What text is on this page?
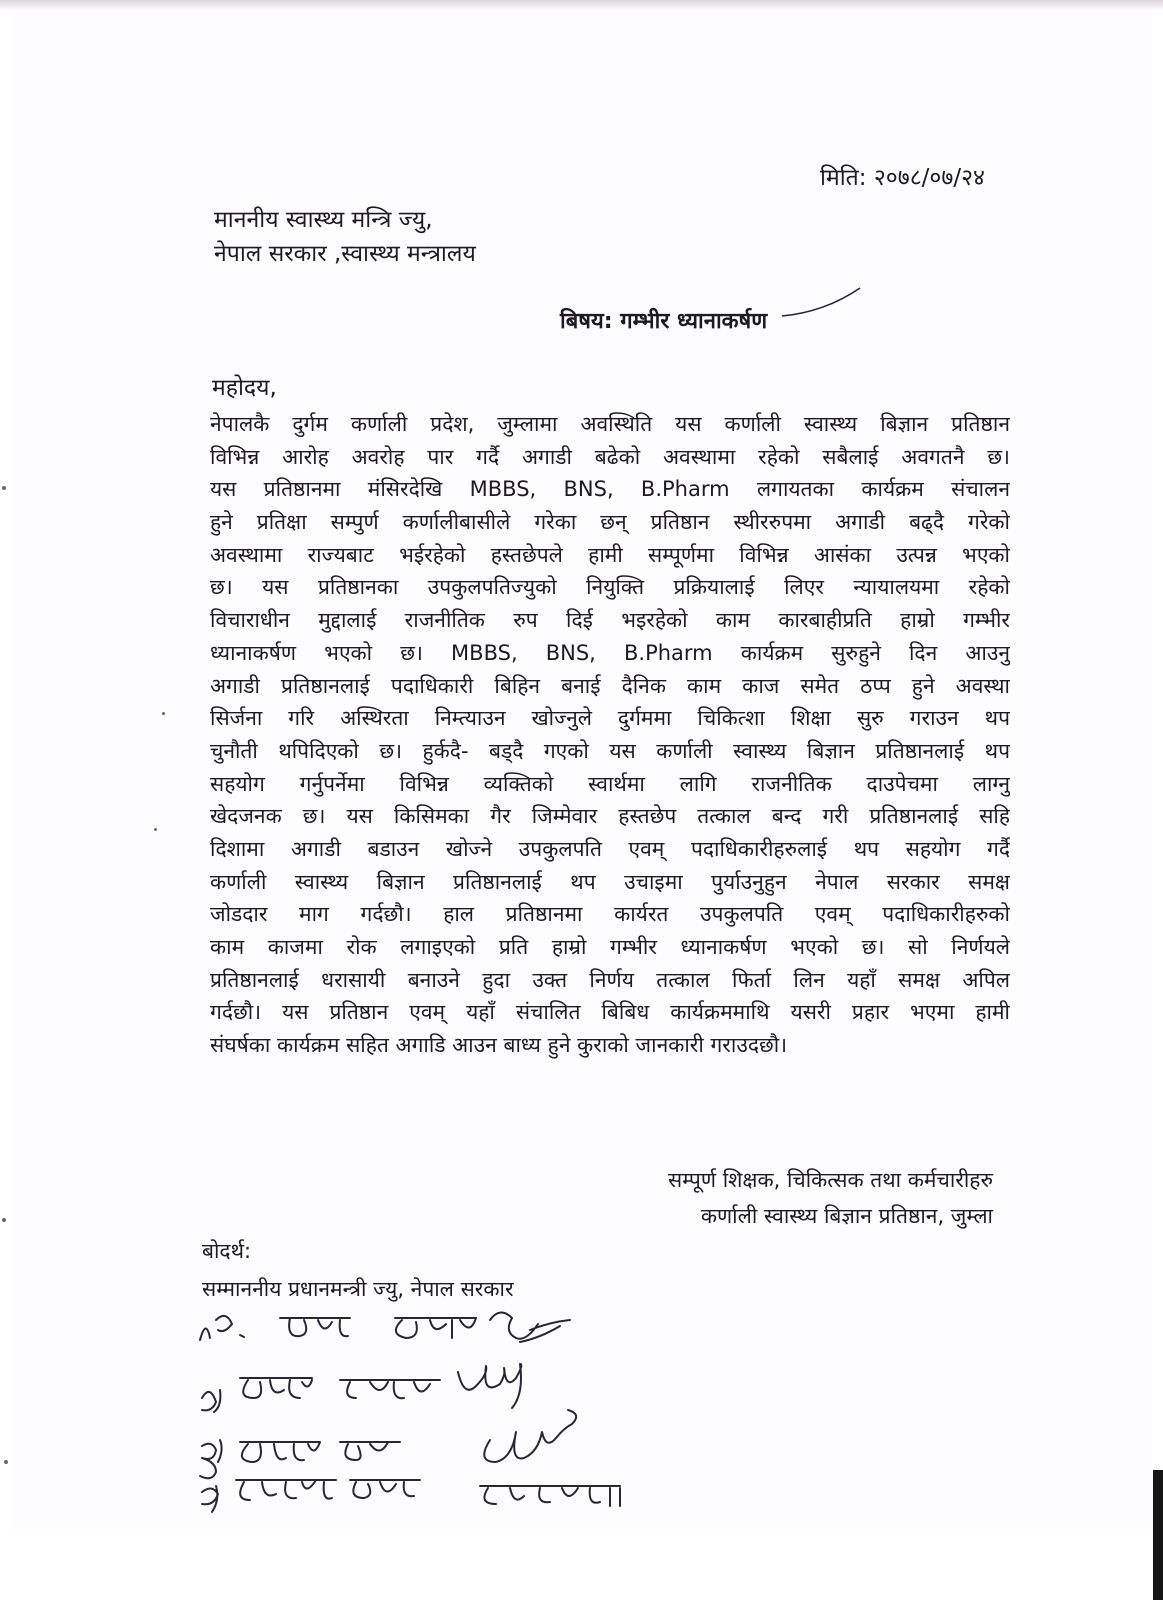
मिति: २०७८/०७/२४
माननीय स्वास्थ्य मन्त्रि ज्यु,
नेपाल सरकार ,स्वास्थ्य मन्त्रालय
बिषय: गम्भीर ध्यानाकर्षण
महोदय,
नेपालकै दुर्गम कर्णाली प्रदेश, जुम्लामा अवस्थिति यस कर्णाली स्वास्थ्य बिज्ञान प्रतिष्ठान
विभिन्न आरोह अवरोह पार गर्दै अगाडी बढेको अवस्थामा रहेको सबैलाई अवगतनै छ।
यस प्रतिष्ठानमा मंसिरदेखि MBBS, BNS, B.Pharm लगायतका कार्यक्रम संचालन
हुने प्रतिक्षा सम्पुर्ण कर्णालीबासीले गरेका छन् प्रतिष्ठान स्थीररुपमा अगाडी बढ्दै गरेको
अवस्थामा राज्यबाट भईरहेको हस्तछेपले हामी सम्पूर्णमा विभिन्न आसंका उत्पन्न भएको
छ। यस प्रतिष्ठानका उपकुलपतिज्युको नियुक्ति प्रक्रियालाई लिएर न्यायालयमा रहेको
विचाराधीन मुद्दालाई राजनीतिक रुप दिई भइरहेको काम कारबाहीप्रति हाम्रो गम्भीर
ध्यानाकर्षण भएको छ। MBBS, BNS, B.Pharm कार्यक्रम सुरुहुने दिन आउनु
अगाडी प्रतिष्ठानलाई पदाधिकारी बिहिन बनाई दैनिक काम काज समेत ठप्प हुने अवस्था
सिर्जना गरि अस्थिरता निम्त्याउन खोज्नुले दुर्गममा चिकित्शा शिक्षा सुरु गराउन थप
चुनौती थपिदिएको छ। हुर्कदै- बड्दै गएको यस कर्णाली स्वास्थ्य बिज्ञान प्रतिष्ठानलाई थप
सहयोग गर्नुपर्नेमा विभिन्न व्यक्तिको स्वार्थमा लागि राजनीतिक दाउपेचमा लाग्नु
खेदजनक छ। यस किसिमका गैर जिम्मेवार हस्तछेप तत्काल बन्द गरी प्रतिष्ठानलाई सहि
दिशामा अगाडी बडाउन खोज्ने उपकुलपति एवम् पदाधिकारीहरुलाई थप सहयोग गर्दै
कर्णाली स्वास्थ्य बिज्ञान प्रतिष्ठानलाई थप उचाइमा पुर्याउनुहुन नेपाल सरकार समक्ष
जोडदार माग गर्दछौ। हाल प्रतिष्ठानमा कार्यरत उपकुलपति एवम् पदाधिकारीहरुको
काम काजमा रोक लगाइएको प्रति हाम्रो गम्भीर ध्यानाकर्षण भएको छ। सो निर्णयले
प्रतिष्ठानलाई धरासायी बनाउने हुदा उक्त निर्णय तत्काल फिर्ता लिन यहाँ समक्ष अपिल
गर्दछौ। यस प्रतिष्ठान एवम् यहाँ संचालित बिबिध कार्यक्रममाथि यसरी प्रहार भएमा हामी
संघर्षका कार्यक्रम सहित अगाडि आउन बाध्य हुने कुराको जानकारी गराउदछौ।
सम्पूर्ण शिक्षक, चिकित्सक तथा कर्मचारीहरु
कर्णाली स्वास्थ्य बिज्ञान प्रतिष्ठान, जुम्ला
बोदर्थ:
सम्माननीय प्रधानमन्त्री ज्यु, नेपाल सरकार
